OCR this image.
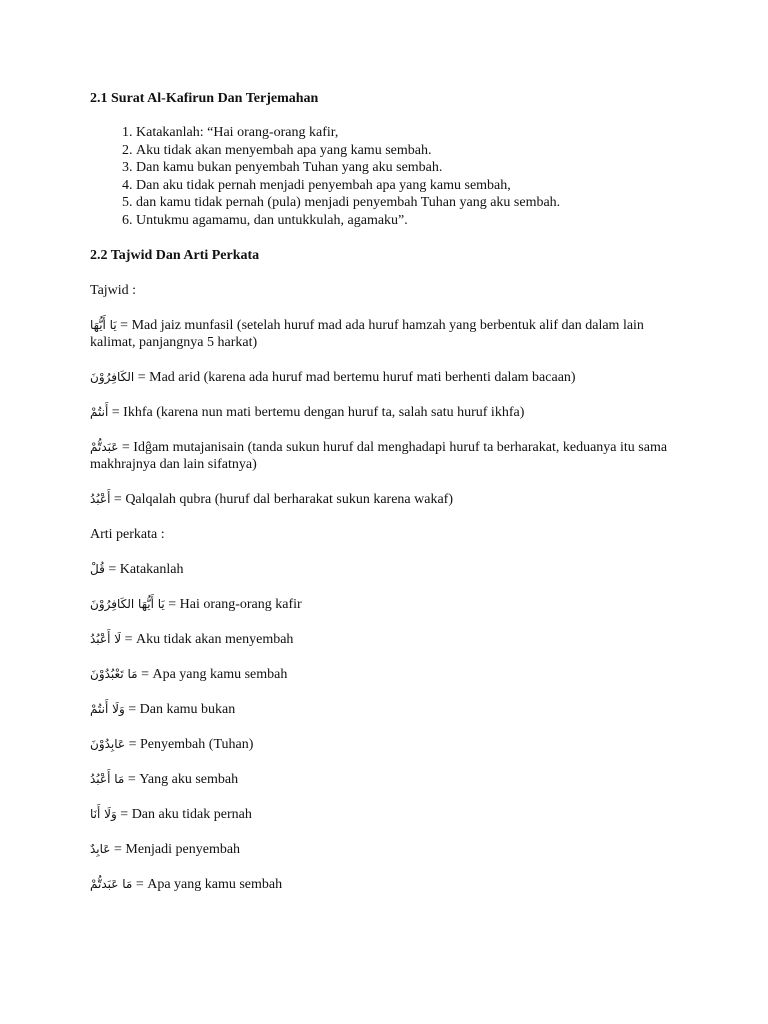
2.1 Surat Al-Kafirun Dan Terjemahan

1. Katakanlah: “Hai orang-orang kafir,
2. Aku tidak akan menyembah apa yang kamu sembah.
3. Dan kamu bukan penyembah Tuhan yang aku sembah.
4. Dan aku tidak pernah menjadi penyembah apa yang kamu sembah,
5. dan kamu tidak pernah (pula) menjadi penyembah Tuhan yang aku sembah.
6. Untukmu agamamu, dan untukkulah, agamaku”.

2.2 Tajwid Dan Arti Perkata

Tajwid :

يَا أَيُّهَا = Mad jaiz munfasil (setelah huruf mad ada huruf hamzah yang berbentuk alif dan dalam lain kalimat, panjangnya 5 harkat)

الكَافِرُوْنَ = Mad arid (karena ada huruf mad bertemu huruf mati berhenti dalam bacaan)

أَنتُمْ = Ikhfa (karena nun mati bertemu dengan huruf ta, salah satu huruf ikhfa)

عَبَدتُّمْ = Idĝam mutajanisain (tanda sukun huruf dal menghadapi huruf ta berharakat, keduanya itu sama makhrajnya dan lain sifatnya)

أَعْبُدُ = Qalqalah qubra (huruf dal berharakat sukun karena wakaf)

Arti perkata :

قُلْ = Katakanlah

يَا أَيُّهَا الكَافِرُوْنَ = Hai orang-orang kafir

لَا أَعْبُدُ = Aku tidak akan menyembah

مَا تَعْبُدُوْنَ = Apa yang kamu sembah

وَلَا أَنتُمْ = Dan kamu bukan

عَابِدُوْنَ = Penyembah (Tuhan)

مَا أَعْبُدُ = Yang aku sembah

وَلَا أَنَا = Dan aku tidak pernah

عَابِدٌ = Menjadi penyembah

مَا عَبَدتُّمْ = Apa yang kamu sembah
